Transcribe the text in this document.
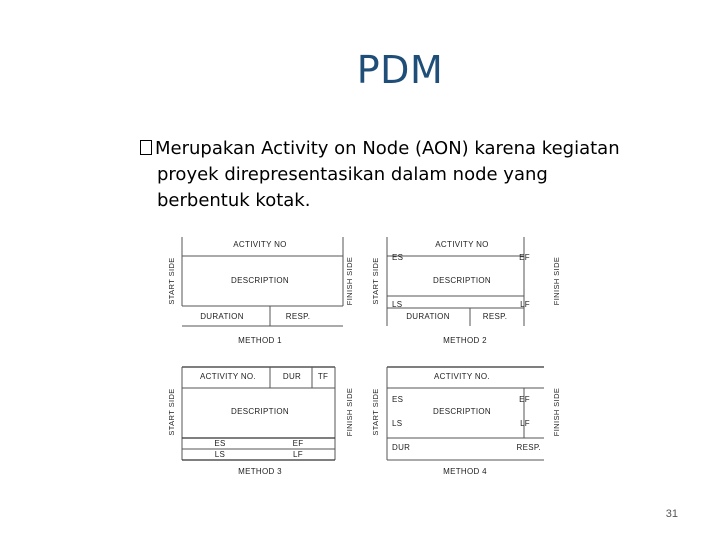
PDM
Merupakan Activity on Node (AON) karena kegiatan
proyek direpresentasikan dalam node yang
berbentuk kotak.
ACTIVITY NO
DESCRIPTION
DURATION	RESP.
START SIDE	FINISH SIDE
METHOD 1
ACTIVITY NO
DESCRIPTION
ES	EF
LS	LF
DURATION	RESP.
START SIDE	FINISH SIDE
METHOD 2
ACTIVITY NO.	DUR TF
DESCRIPTION
ES	EF
LS	LF
START SIDE	FINISH SIDE
METHOD 3
ACTIVITY NO.
DESCRIPTION
ES	EF
LS	LF
DUR	RESP.
START SIDE	FINISH SIDE
METHOD 4
31
